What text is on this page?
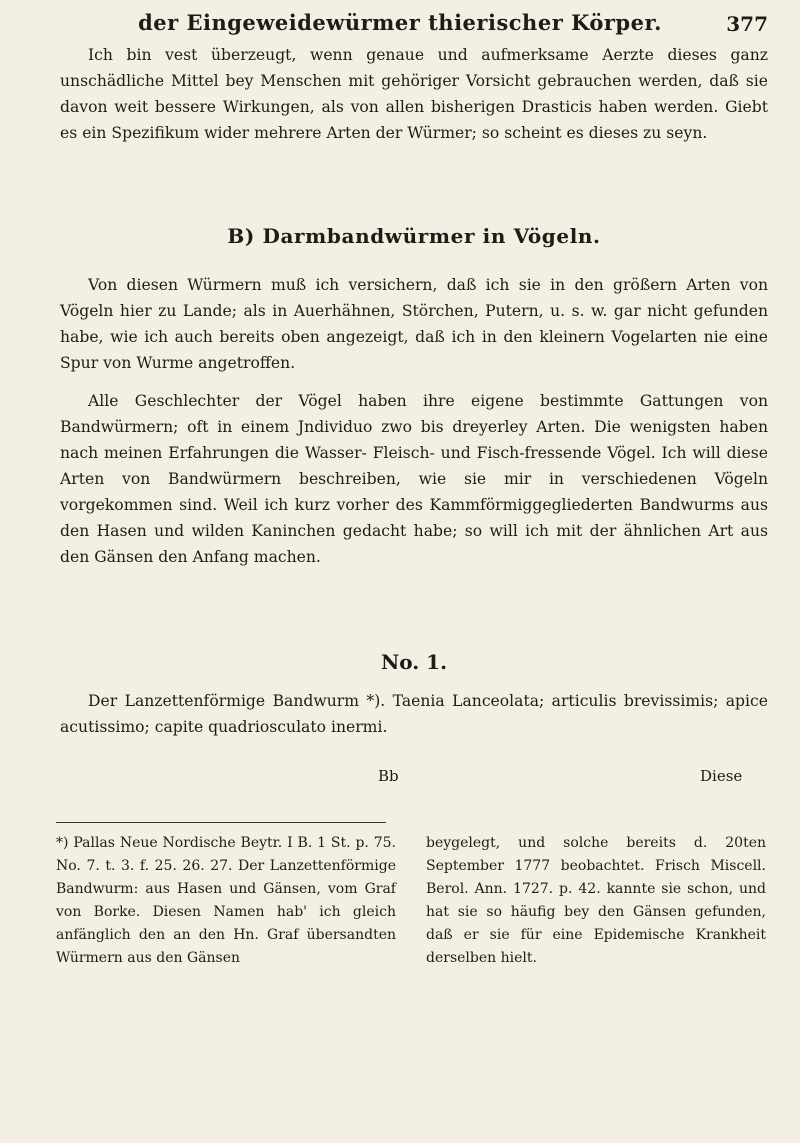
der Eingeweidewürmer thierischer Körper.	377
Ich bin vest überzeugt, wenn genaue und aufmerksame Aerzte dieses ganz unschädliche Mittel bey Menschen mit gehöriger Vorsicht gebrauchen werden, daß sie davon weit bessere Wirkungen, als von allen bisherigen Drasticis haben werden. Giebt es ein Spezifikum wider mehrere Arten der Würmer; so scheint es dieses zu seyn.
B) Darmbandwürmer in Vögeln.
Von diesen Würmern muß ich versichern, daß ich sie in den größern Arten von Vögeln hier zu Lande; als in Auerhähnen, Störchen, Putern, u. s. w. gar nicht gefunden habe, wie ich auch bereits oben angezeigt, daß ich in den kleinern Vogelarten nie eine Spur von Wurme angetroffen.
Alle Geschlechter der Vögel haben ihre eigene bestimmte Gattungen von Bandwürmern; oft in einem Jndividuo zwo bis dreyerley Arten. Die wenigsten haben nach meinen Erfahrungen die Wasser- Fleisch- und Fisch-fressende Vögel. Ich will diese Arten von Bandwürmern beschreiben, wie sie mir in verschiedenen Vögeln vorgekommen sind. Weil ich kurz vorher des Kammförmiggegliederten Bandwurms aus den Hasen und wilden Kaninchen gedacht habe; so will ich mit der ähnlichen Art aus den Gänsen den Anfang machen.
No. 1.
Der Lanzettenförmige Bandwurm *). Taenia Lanceolata; articulis brevissimis; apice acutissimo; capite quadriosculato inermi.
Bb	Diese
*) Pallas Neue Nordische Beytr. I B. 1 St. p. 75. No. 7. t. 3. f. 25. 26. 27. Der Lanzettenförmige Bandwurm: aus Hasen und Gänsen, vom Graf von Borke. Diesen Namen hab' ich gleich anfänglich den an den Hn. Graf übersandten Würmern aus den Gänsen
beygelegt, und solche bereits d. 20ten September 1777 beobachtet. Frisch Miscell. Berol. Ann. 1727. p. 42. kannte sie schon, und hat sie so häufig bey den Gänsen gefunden, daß er sie für eine Epidemische Krankheit derselben hielt.
